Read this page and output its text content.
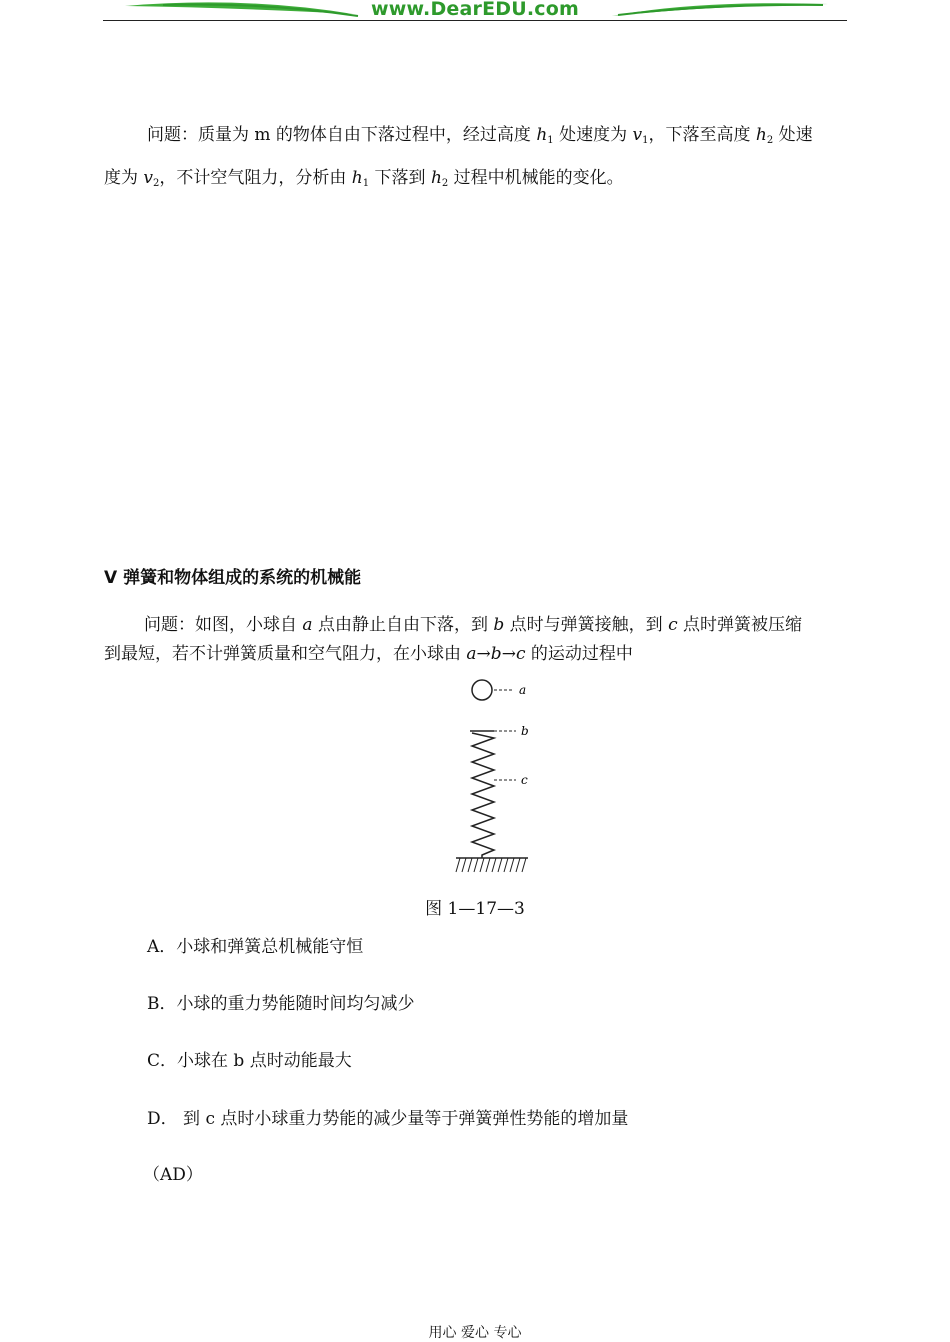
www.DearEDU.com
问题：质量为 m 的物体自由下落过程中，经过高度 $h_1$ 处速度为 $v_1$，下落至高度 $h_2$ 处速
度为 $v_2$，不计空气阻力，分析由 $h_1$ 下落到 $h_2$ 过程中机械能的变化。
Ⅴ 弹簧和物体组成的系统的机械能
问题：如图，小球自 a 点由静止自由下落，到 b 点时与弹簧接触，到 c 点时弹簧被压缩
到最短，若不计弹簧质量和空气阻力，在小球由 a→b→c 的运动过程中
a
b
c
图 1—17—3
A．小球和弹簧总机械能守恒
B．小球的重力势能随时间均匀减少
C．小球在 b 点时动能最大
D． 到 c 点时小球重力势能的减少量等于弹簧弹性势能的增加量
（AD）
用心 爱心 专心
